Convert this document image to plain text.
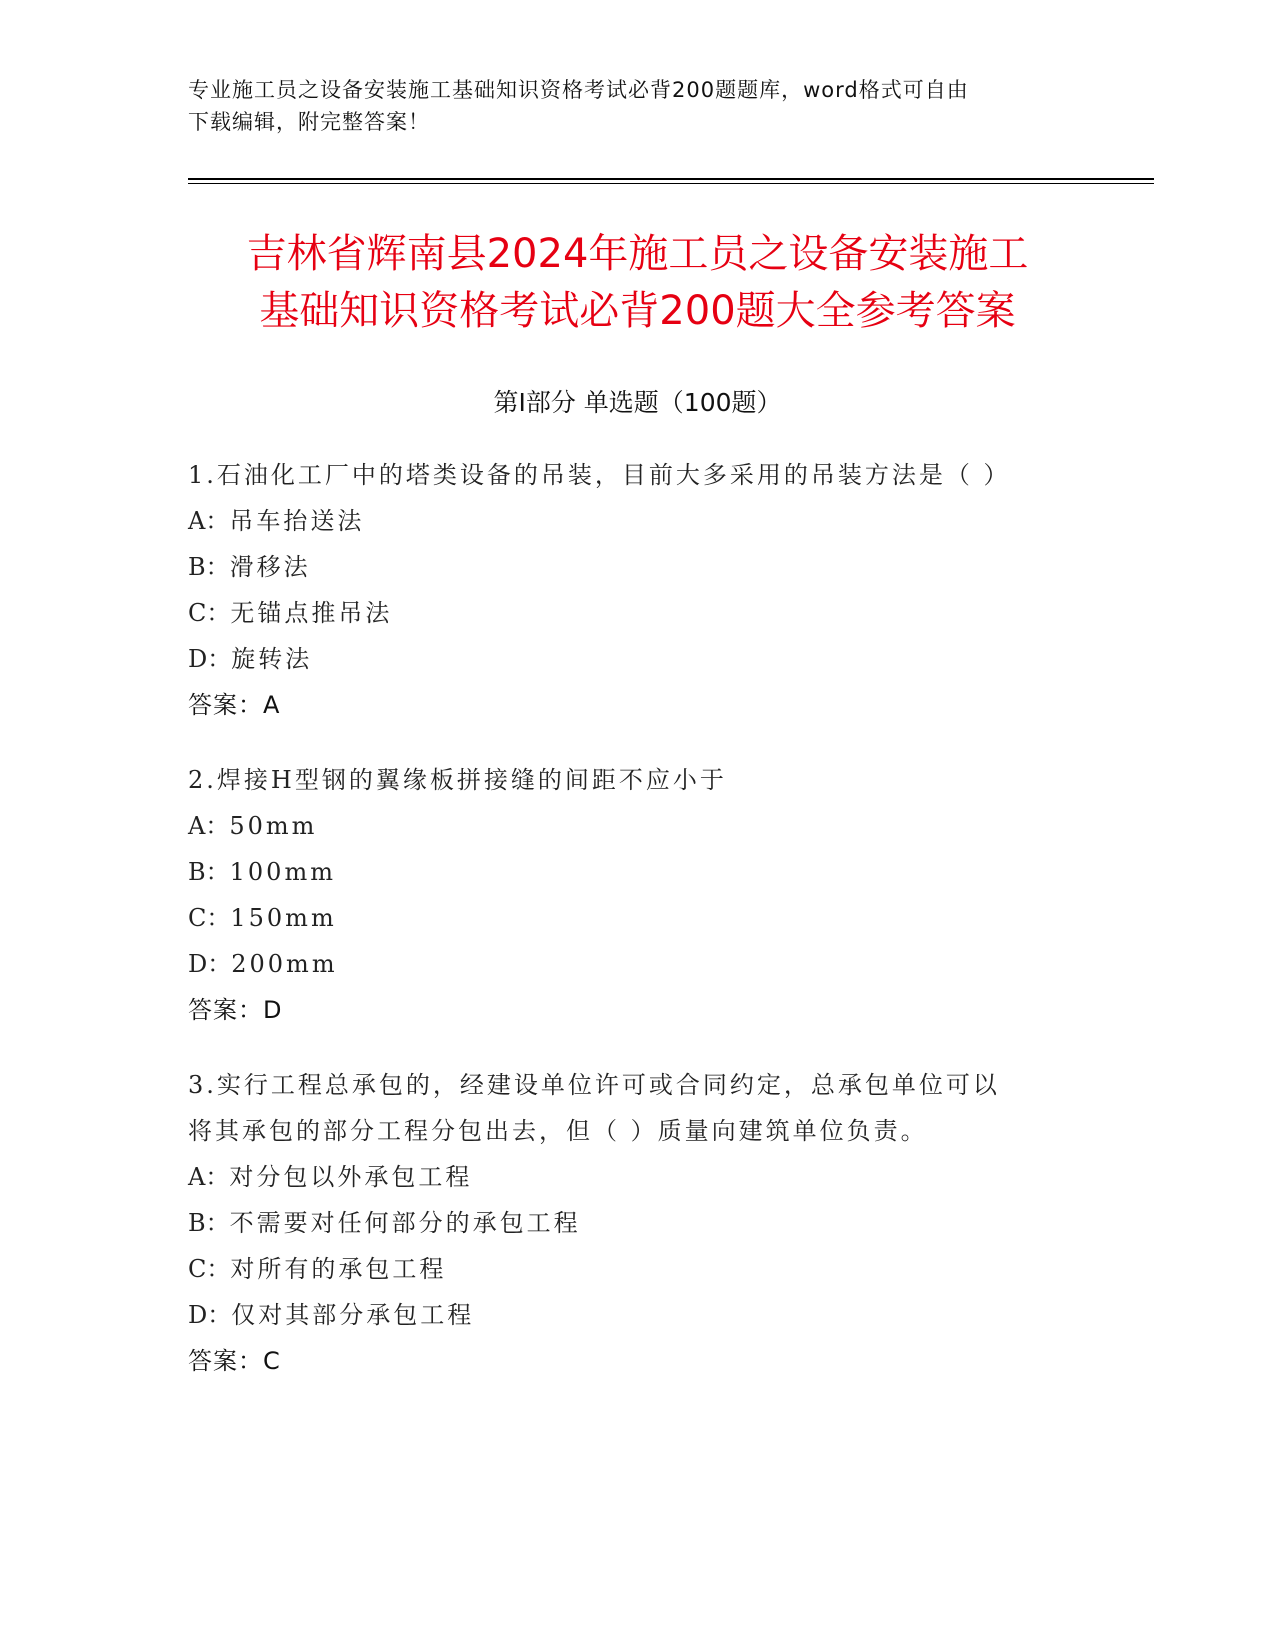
专业施工员之设备安装施工基础知识资格考试必背200题题库，word格式可自由
下载编辑，附完整答案！
吉林省辉南县2024年施工员之设备安装施工
基础知识资格考试必背200题大全参考答案
第Ⅰ部分 单选题（100题）
1.石油化工厂中的塔类设备的吊装，目前大多采用的吊装方法是（ ）
A：吊车抬送法
B：滑移法
C：无锚点推吊法
D：旋转法
答案：A
2.焊接H型钢的翼缘板拼接缝的间距不应小于
A：50mm
B：100mm
C：150mm
D：200mm
答案：D
3.实行工程总承包的，经建设单位许可或合同约定，总承包单位可以
将其承包的部分工程分包出去，但（ ）质量向建筑单位负责。
A：对分包以外承包工程
B：不需要对任何部分的承包工程
C：对所有的承包工程
D：仅对其部分承包工程
答案：C
